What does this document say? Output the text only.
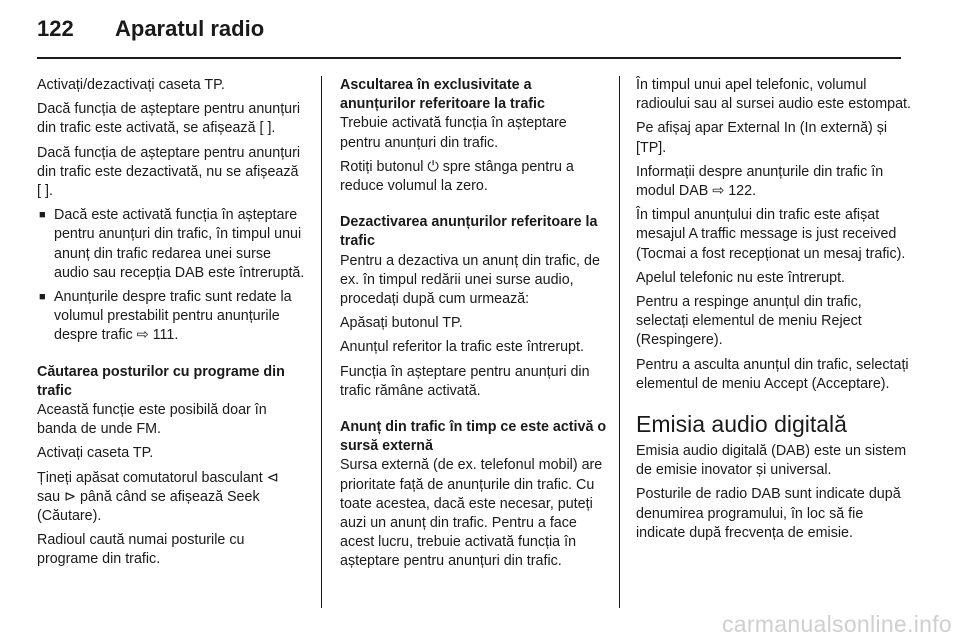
122	Aparatul radio

Activați/dezactivați caseta TP.

Dacă funcția de așteptare pentru anunțuri din trafic este activată, se afișează [ ].

Dacă funcția de așteptare pentru anunțuri din trafic este dezactivată, nu se afișează [ ].

■ Dacă este activată funcția în așteptare pentru anunțuri din trafic, în timpul unui anunț din trafic redarea unei surse audio sau recepția DAB este întreruptă.
■ Anunțurile despre trafic sunt redate la volumul prestabilit pentru anunțurile despre trafic ⇨ 111.
Căutarea posturilor cu programe din trafic

Această funcție este posibilă doar în banda de unde FM.

Activați caseta TP.

Țineți apăsat comutatorul basculant ⊲ sau ⊳ până când se afișează Seek (Căutare).

Radioul caută numai posturile cu programe din trafic.

Ascultarea în exclusivitate a anunțurilor referitoare la trafic

Trebuie activată funcția în așteptare pentru anunțuri din trafic.

Rotiți butonul ⏻ spre stânga pentru a reduce volumul la zero.

Dezactivarea anunțurilor referitoare la trafic

Pentru a dezactiva un anunț din trafic, de ex. în timpul redării unei surse audio, procedați după cum urmează:

Apăsați butonul TP.

Anunțul referitor la trafic este întrerupt.

Funcția în așteptare pentru anunțuri din trafic rămâne activată.

Anunț din trafic în timp ce este activă o sursă externă

Sursa externă (de ex. telefonul mobil) are prioritate față de anunțurile din trafic. Cu toate acestea, dacă este necesar, puteți auzi un anunț din trafic. Pentru a face acest lucru, trebuie activată funcția în așteptare pentru anunțuri din trafic.

În timpul unui apel telefonic, volumul radioului sau al sursei audio este estompat.

Pe afișaj apar External In (In externă) și [TP].

Informații despre anunțurile din trafic în modul DAB ⇨ 122.

În timpul anunțului din trafic este afișat mesajul A traffic message is just received (Tocmai a fost recepționat un mesaj trafic).

Apelul telefonic nu este întrerupt.

Pentru a respinge anunțul din trafic, selectați elementul de meniu Reject (Respingere).

Pentru a asculta anunțul din trafic, selectați elementul de meniu Accept (Acceptare).

Emisia audio digitală

Emisia audio digitală (DAB) este un sistem de emisie inovator și universal.

Posturile de radio DAB sunt indicate după denumirea programului, în loc să fie indicate după frecvența de emisie.

carmanualsonline.info
